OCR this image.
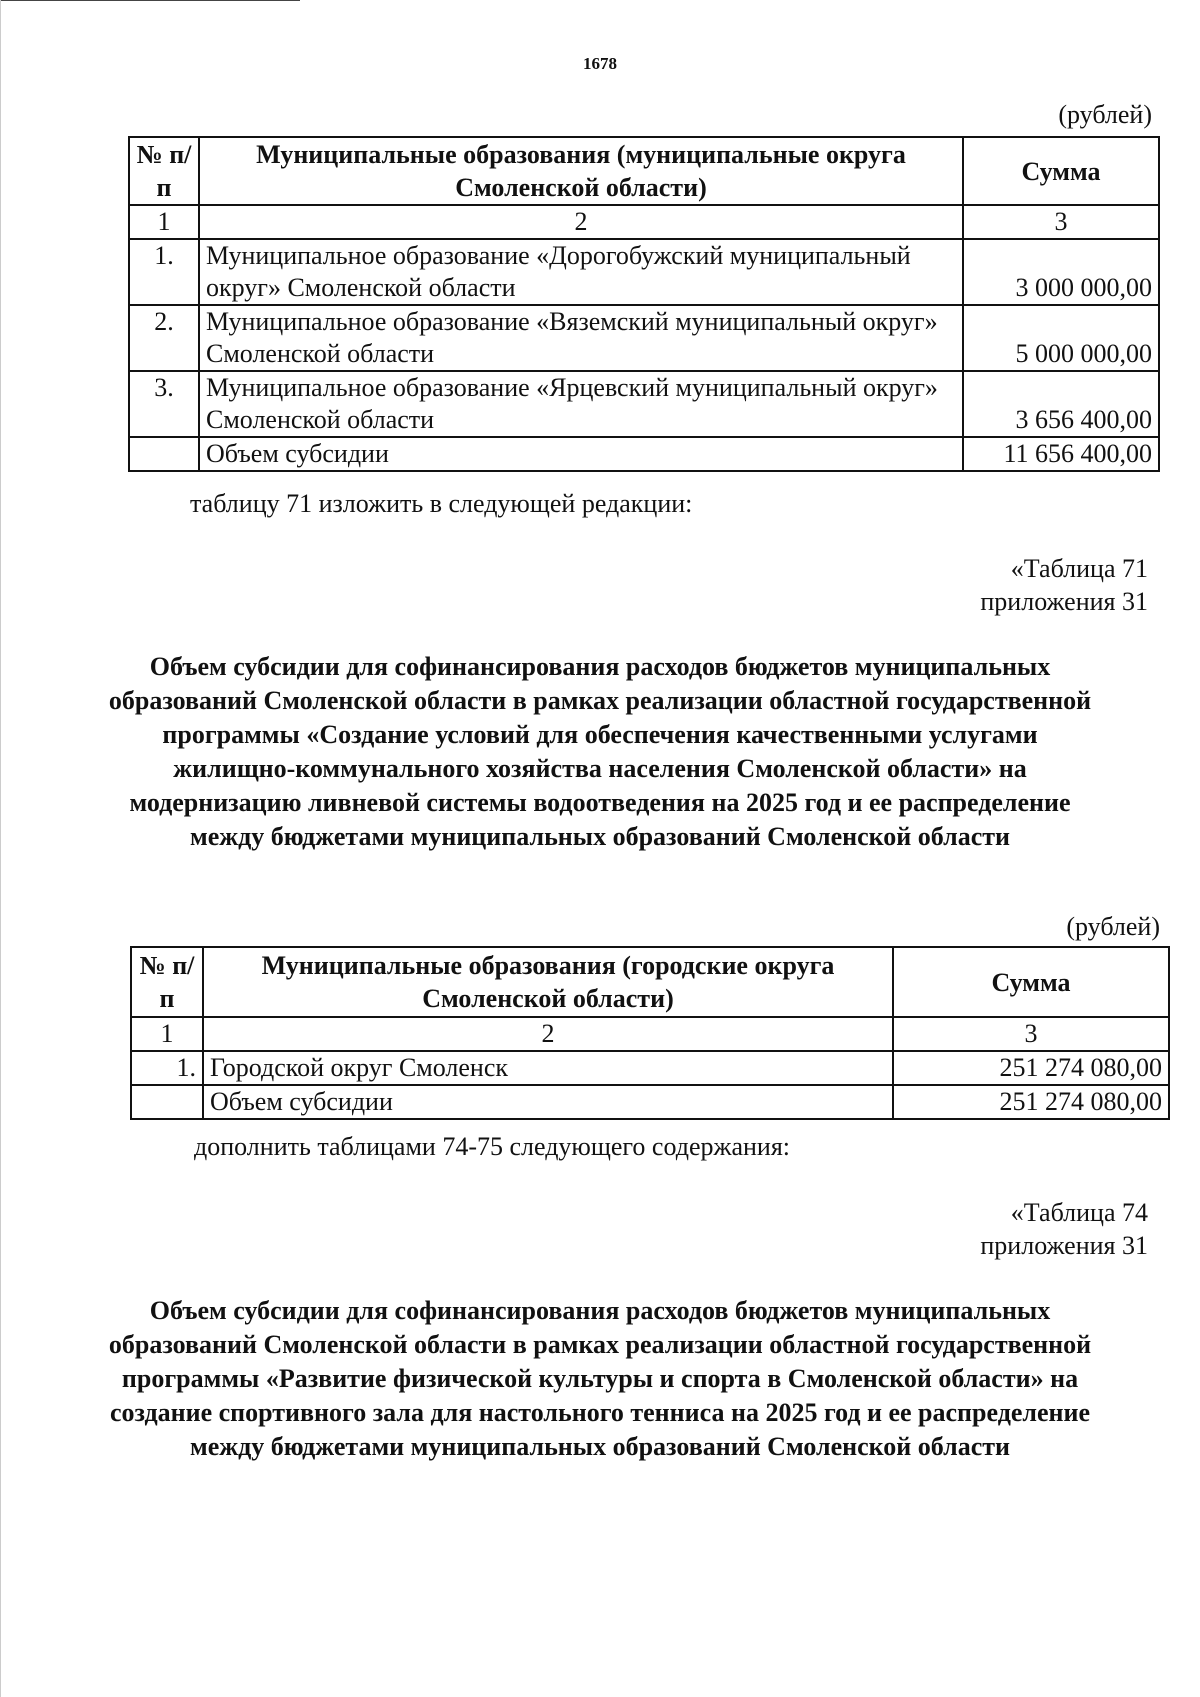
1678
(рублей)
№ п/п	Муниципальные образования (муниципальные округа Смоленской области)	Сумма
1	2	3
1.	Муниципальное образование «Дорогобужский муниципальный округ» Смоленской области	3 000 000,00
2.	Муниципальное образование «Вяземский муниципальный округ» Смоленской области	5 000 000,00
3.	Муниципальное образование «Ярцевский муниципальный округ» Смоленской области	3 656 400,00
	Объем субсидии	11 656 400,00
таблицу 71 изложить в следующей редакции:
«Таблица 71
приложения 31
Объем субсидии для софинансирования расходов бюджетов муниципальных образований Смоленской области в рамках реализации областной государственной программы «Создание условий для обеспечения качественными услугами жилищно-коммунального хозяйства населения Смоленской области» на модернизацию ливневой системы водоотведения на 2025 год и ее распределение между бюджетами муниципальных образований Смоленской области
(рублей)
№ п/п	Муниципальные образования (городские округа Смоленской области)	Сумма
1	2	3
1.	Городской округ Смоленск	251 274 080,00
	Объем субсидии	251 274 080,00
дополнить таблицами 74-75 следующего содержания:
«Таблица 74
приложения 31
Объем субсидии для софинансирования расходов бюджетов муниципальных образований Смоленской области в рамках реализации областной государственной программы «Развитие физической культуры и спорта в Смоленской области» на создание спортивного зала для настольного тенниса на 2025 год и ее распределение между бюджетами муниципальных образований Смоленской области
